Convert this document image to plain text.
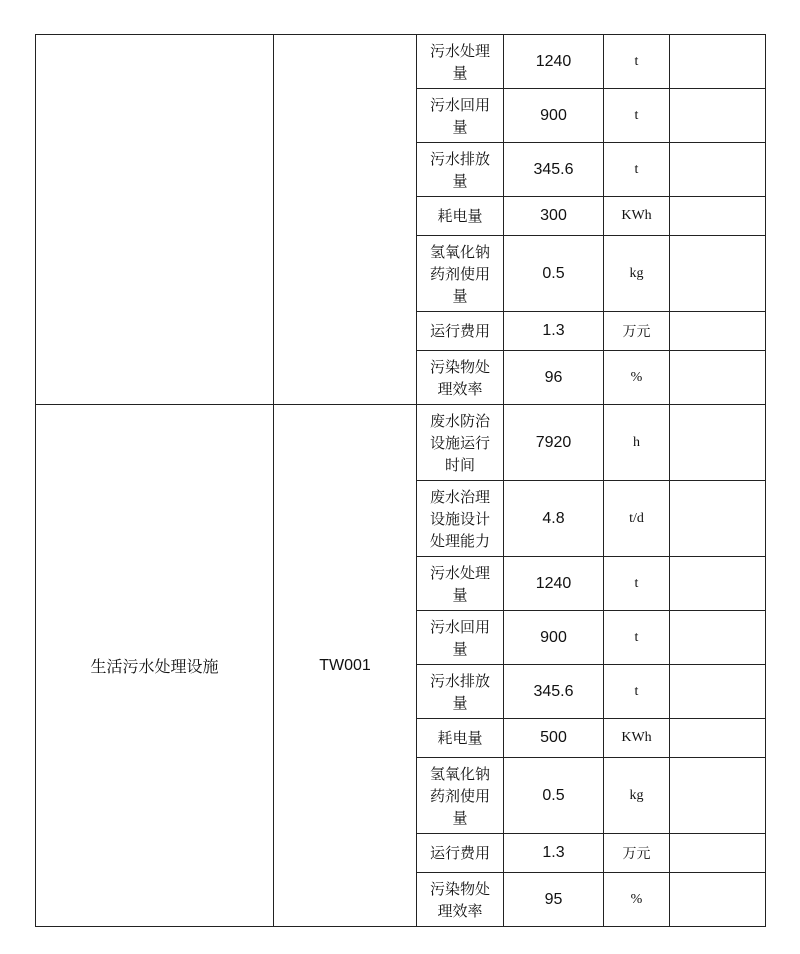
		污水处理量	1240	t	
		污水回用量	900	t	
		污水排放量	345.6	t	
		耗电量	300	KWh	
		氢氧化钠药剂使用量	0.5	kg	
		运行费用	1.3	万元	
		污染物处理效率	96	%	
生活污水处理设施	TW001	废水防治设施运行时间	7920	h	
		废水治理设施设计处理能力	4.8	t/d	
		污水处理量	1240	t	
		污水回用量	900	t	
		污水排放量	345.6	t	
		耗电量	500	KWh	
		氢氧化钠药剂使用量	0.5	kg	
		运行费用	1.3	万元	
		污染物处理效率	95	%	
